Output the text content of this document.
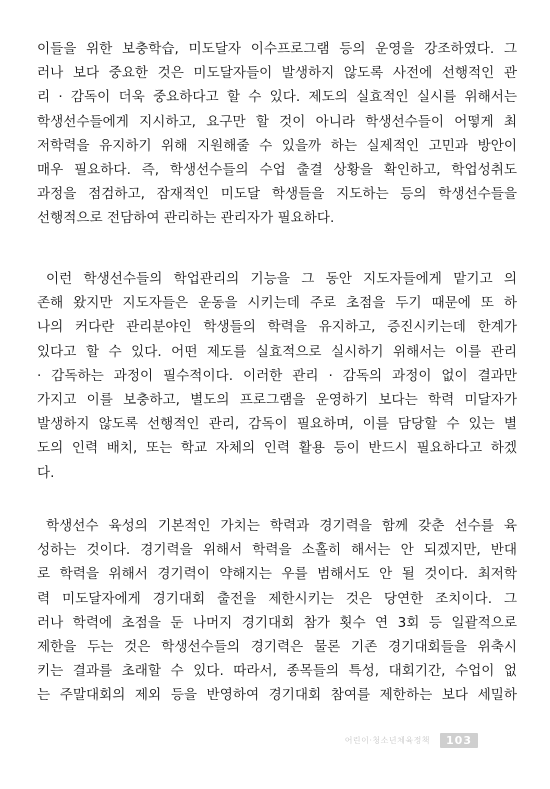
이들을 위한 보충학습, 미도달자 이수프로그램 등의 운영을 강조하였다. 그
러나 보다 중요한 것은 미도달자들이 발생하지 않도록 사전에 선행적인 관
리 · 감독이 더욱 중요하다고 할 수 있다. 제도의 실효적인 실시를 위해서는
학생선수들에게 지시하고, 요구만 할 것이 아니라 학생선수들이 어떻게 최
저학력을 유지하기 위해 지원해줄 수 있을까 하는 실제적인 고민과 방안이
매우 필요하다. 즉, 학생선수들의 수업 출결 상황을 확인하고, 학업성취도
과정을 점검하고, 잠재적인 미도달 학생들을 지도하는 등의 학생선수들을
선행적으로 전담하여 관리하는 관리자가 필요하다.

이런 학생선수들의 학업관리의 기능을 그 동안 지도자들에게 맡기고 의
존해 왔지만 지도자들은 운동을 시키는데 주로 초점을 두기 때문에 또 하
나의 커다란 관리분야인 학생들의 학력을 유지하고, 증진시키는데 한계가
있다고 할 수 있다. 어떤 제도를 실효적으로 실시하기 위해서는 이를 관리
· 감독하는 과정이 필수적이다. 이러한 관리 · 감독의 과정이 없이 결과만
가지고 이를 보충하고, 별도의 프로그램을 운영하기 보다는 학력 미달자가
발생하지 않도록 선행적인 관리, 감독이 필요하며, 이를 담당할 수 있는 별
도의 인력 배치, 또는 학교 자체의 인력 활용 등이 반드시 필요하다고 하겠
다.

학생선수 육성의 기본적인 가치는 학력과 경기력을 함께 갖춘 선수를 육
성하는 것이다. 경기력을 위해서 학력을 소홀히 해서는 안 되겠지만, 반대
로 학력을 위해서 경기력이 약해지는 우를 범해서도 안 될 것이다. 최저학
력 미도달자에게 경기대회 출전을 제한시키는 것은 당연한 조치이다. 그
러나 학력에 초점을 둔 나머지 경기대회 참가 횟수 연 3회 등 일괄적으로
제한을 두는 것은 학생선수들의 경기력은 물론 기존 경기대회들을 위축시
키는 결과를 초래할 수 있다. 따라서, 종목들의 특성, 대회기간, 수업이 없
는 주말대회의 제외 등을 반영하여 경기대회 참여를 제한하는 보다 세밀하

어린이·청소년체육정책	103
